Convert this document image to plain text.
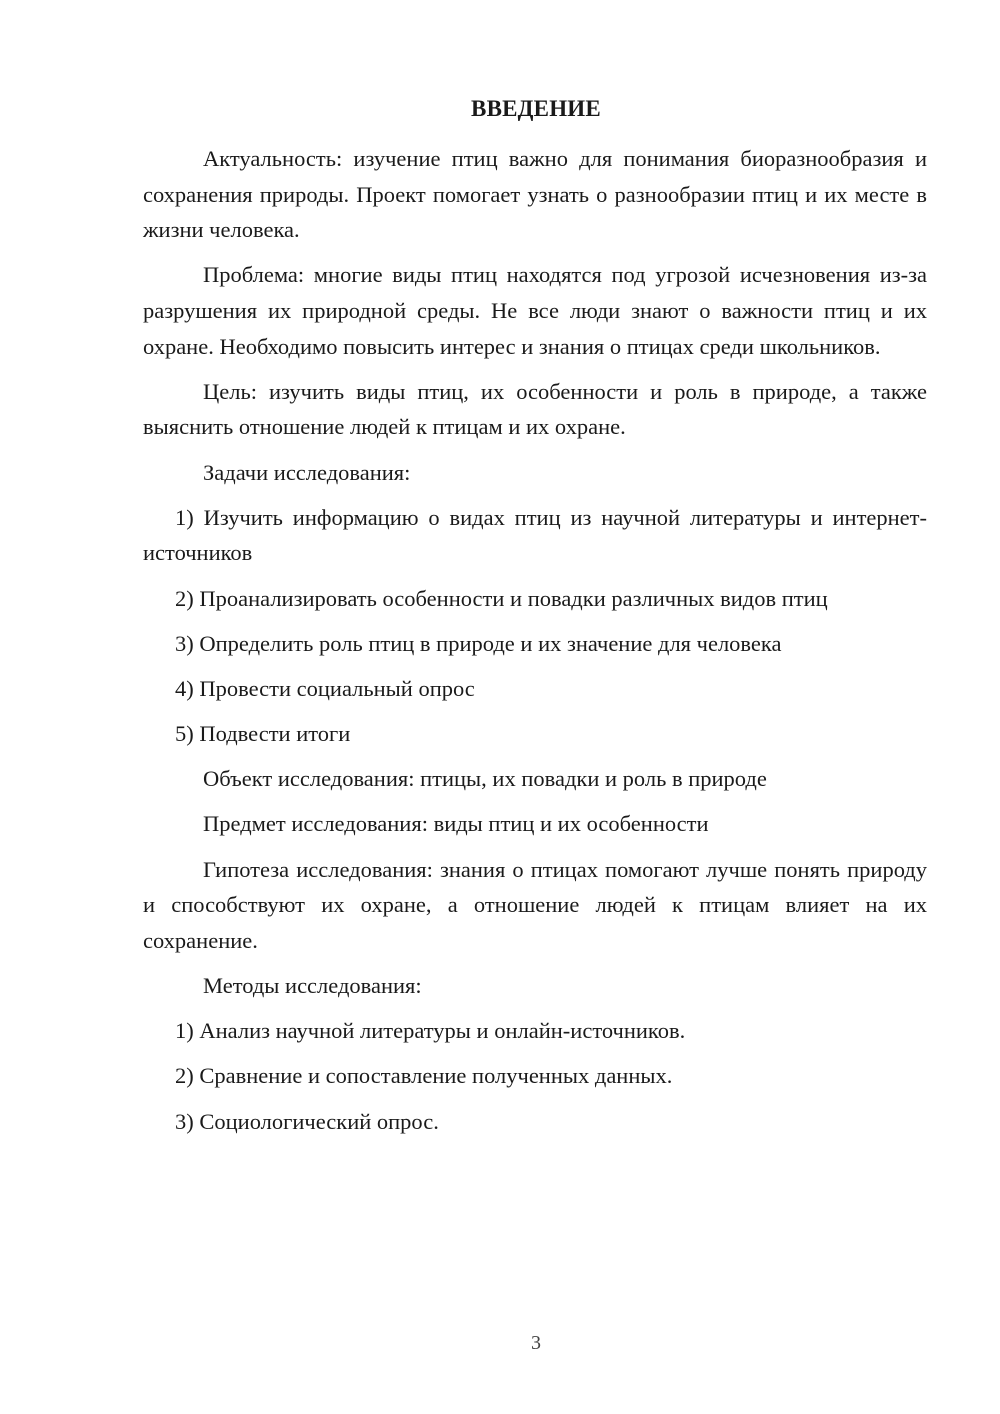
ВВЕДЕНИЕ

Актуальность: изучение птиц важно для понимания биоразнообразия и сохранения природы. Проект помогает узнать о разнообразии птиц и их месте в жизни человека.

Проблема: многие виды птиц находятся под угрозой исчезновения из-за разрушения их природной среды. Не все люди знают о важности птиц и их охране. Необходимо повысить интерес и знания о птицах среди школьников.

Цель: изучить виды птиц, их особенности и роль в природе, а также выяснить отношение людей к птицам и их охране.

Задачи исследования:

1) Изучить информацию о видах птиц из научной литературы и интернет-источников

2) Проанализировать особенности и повадки различных видов птиц

3) Определить роль птиц в природе и их значение для человека

4) Провести социальный опрос

5) Подвести итоги

Объект исследования: птицы, их повадки и роль в природе

Предмет исследования: виды птиц и их особенности

Гипотеза исследования: знания о птицах помогают лучше понять природу и способствуют их охране, а отношение людей к птицам влияет на их сохранение.

Методы исследования:

1) Анализ научной литературы и онлайн-источников.

2) Сравнение и сопоставление полученных данных.

3) Социологический опрос.

3
